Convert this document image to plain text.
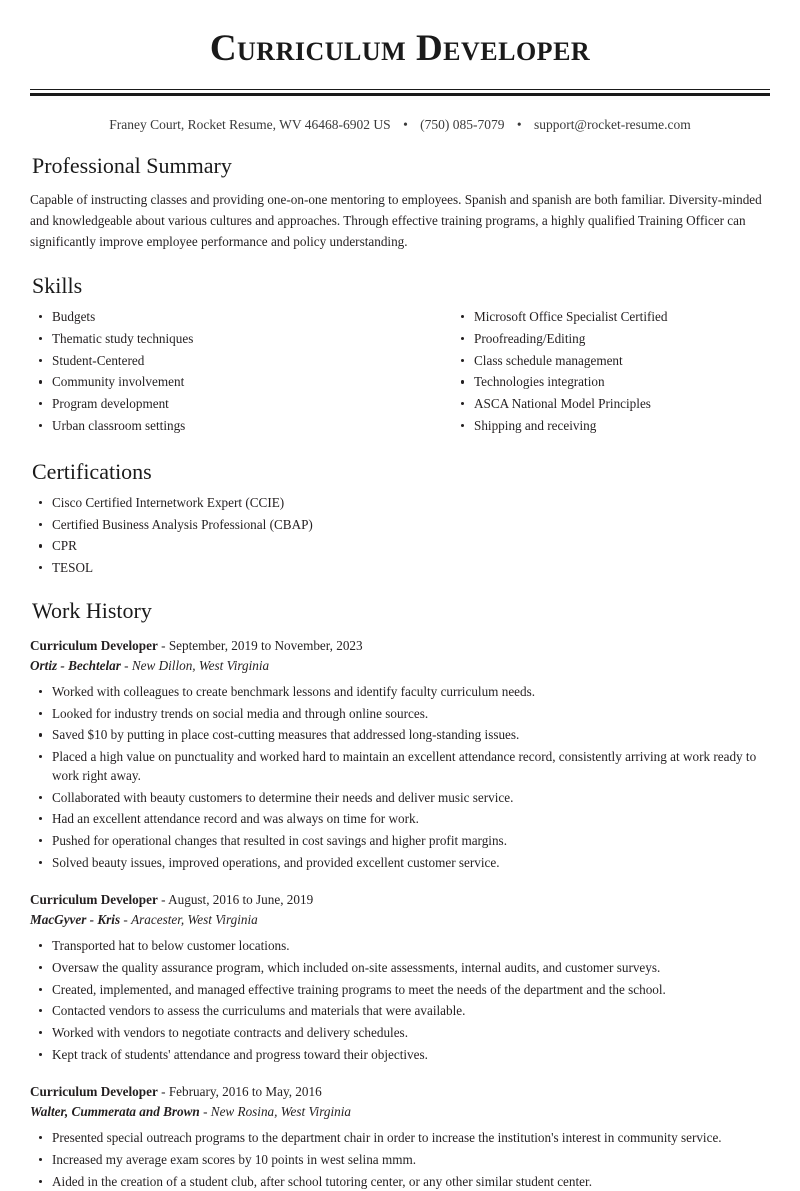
Curriculum Developer
Franey Court, Rocket Resume, WV 46468-6902 US • (750) 085-7079 • support@rocket-resume.com
Professional Summary

Capable of instructing classes and providing one-on-one mentoring to employees. Spanish and spanish are both familiar. Diversity-minded and knowledgeable about various cultures and approaches. Through effective training programs, a highly qualified Training Officer can significantly improve employee performance and policy understanding.

Skills
Budgets
Thematic study techniques
Student-Centered
Community involvement
Program development
Urban classroom settings
Microsoft Office Specialist Certified
Proofreading/Editing
Class schedule management
Technologies integration
ASCA National Model Principles
Shipping and receiving
Certifications
Cisco Certified Internetwork Expert (CCIE)
Certified Business Analysis Professional (CBAP)
CPR
TESOL
Work History
Curriculum Developer - September, 2019 to November, 2023
Ortiz - Bechtelar - New Dillon, West Virginia
Worked with colleagues to create benchmark lessons and identify faculty curriculum needs.
Looked for industry trends on social media and through online sources.
Saved $10 by putting in place cost-cutting measures that addressed long-standing issues.
Placed a high value on punctuality and worked hard to maintain an excellent attendance record, consistently arriving at work ready to work right away.
Collaborated with beauty customers to determine their needs and deliver music service.
Had an excellent attendance record and was always on time for work.
Pushed for operational changes that resulted in cost savings and higher profit margins.
Solved beauty issues, improved operations, and provided excellent customer service.
Curriculum Developer - August, 2016 to June, 2019
MacGyver - Kris - Aracester, West Virginia
Transported hat to below customer locations.
Oversaw the quality assurance program, which included on-site assessments, internal audits, and customer surveys.
Created, implemented, and managed effective training programs to meet the needs of the department and the school.
Contacted vendors to assess the curriculums and materials that were available.
Worked with vendors to negotiate contracts and delivery schedules.
Kept track of students' attendance and progress toward their objectives.
Curriculum Developer - February, 2016 to May, 2016
Walter, Cummerata and Brown - New Rosina, West Virginia
Presented special outreach programs to the department chair in order to increase the institution's interest in community service.
Increased my average exam scores by 10 points in west selina mmm.
Aided in the creation of a student club, after school tutoring center, or any other similar student center.
